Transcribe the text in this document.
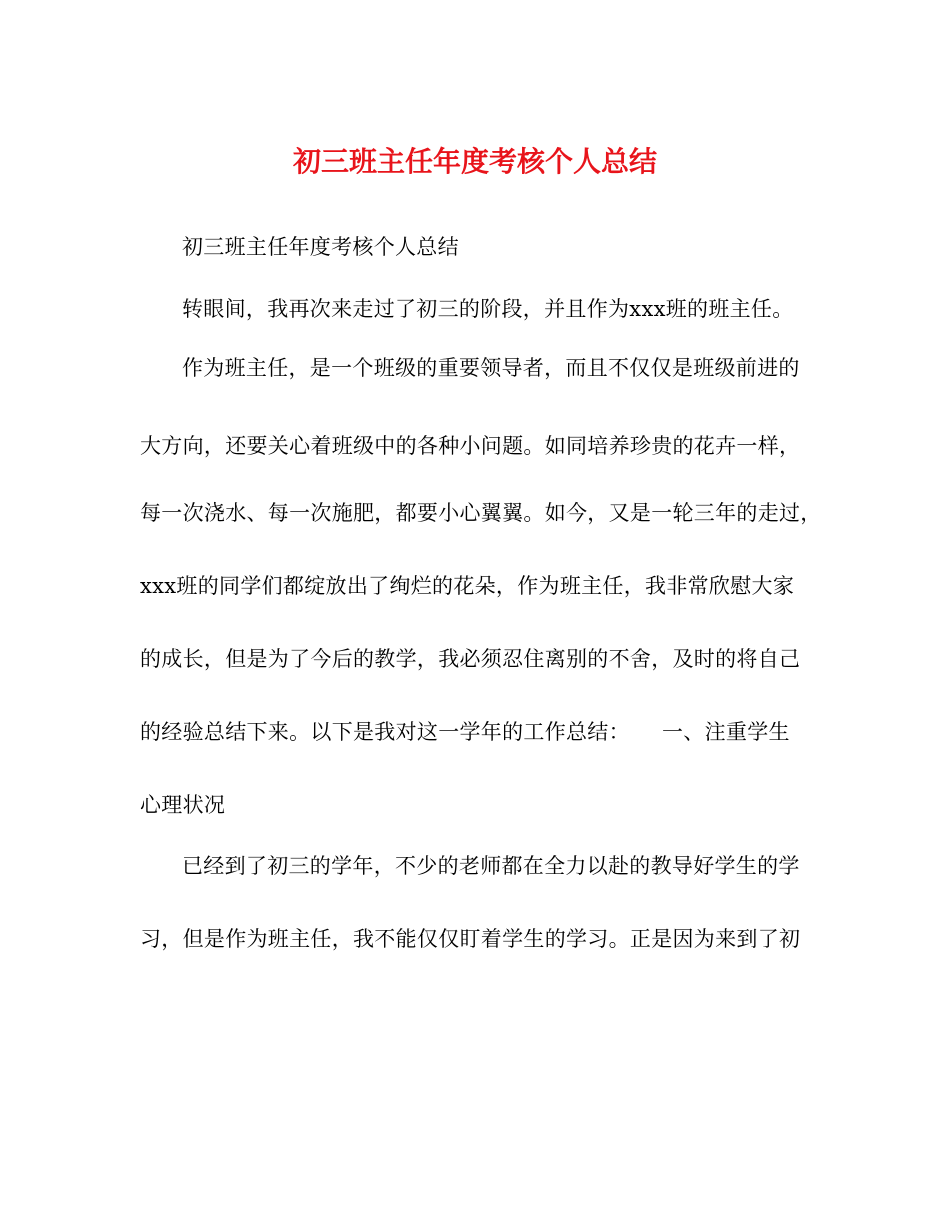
初三班主任年度考核个人总结
初三班主任年度考核个人总结
转眼间，我再次来走过了初三的阶段，并且作为xxx班的班主任。
作为班主任，是一个班级的重要领导者，而且不仅仅是班级前进的
大方向，还要关心着班级中的各种小问题。如同培养珍贵的花卉一样，
每一次浇水、每一次施肥，都要小心翼翼。如今，又是一轮三年的走过，
xxx班的同学们都绽放出了绚烂的花朵，作为班主任，我非常欣慰大家
的成长，但是为了今后的教学，我必须忍住离别的不舍，及时的将自己
的经验总结下来。以下是我对这一学年的工作总结：　　一、注重学生
心理状况
已经到了初三的学年，不少的老师都在全力以赴的教导好学生的学
习，但是作为班主任，我不能仅仅盯着学生的学习。正是因为来到了初
